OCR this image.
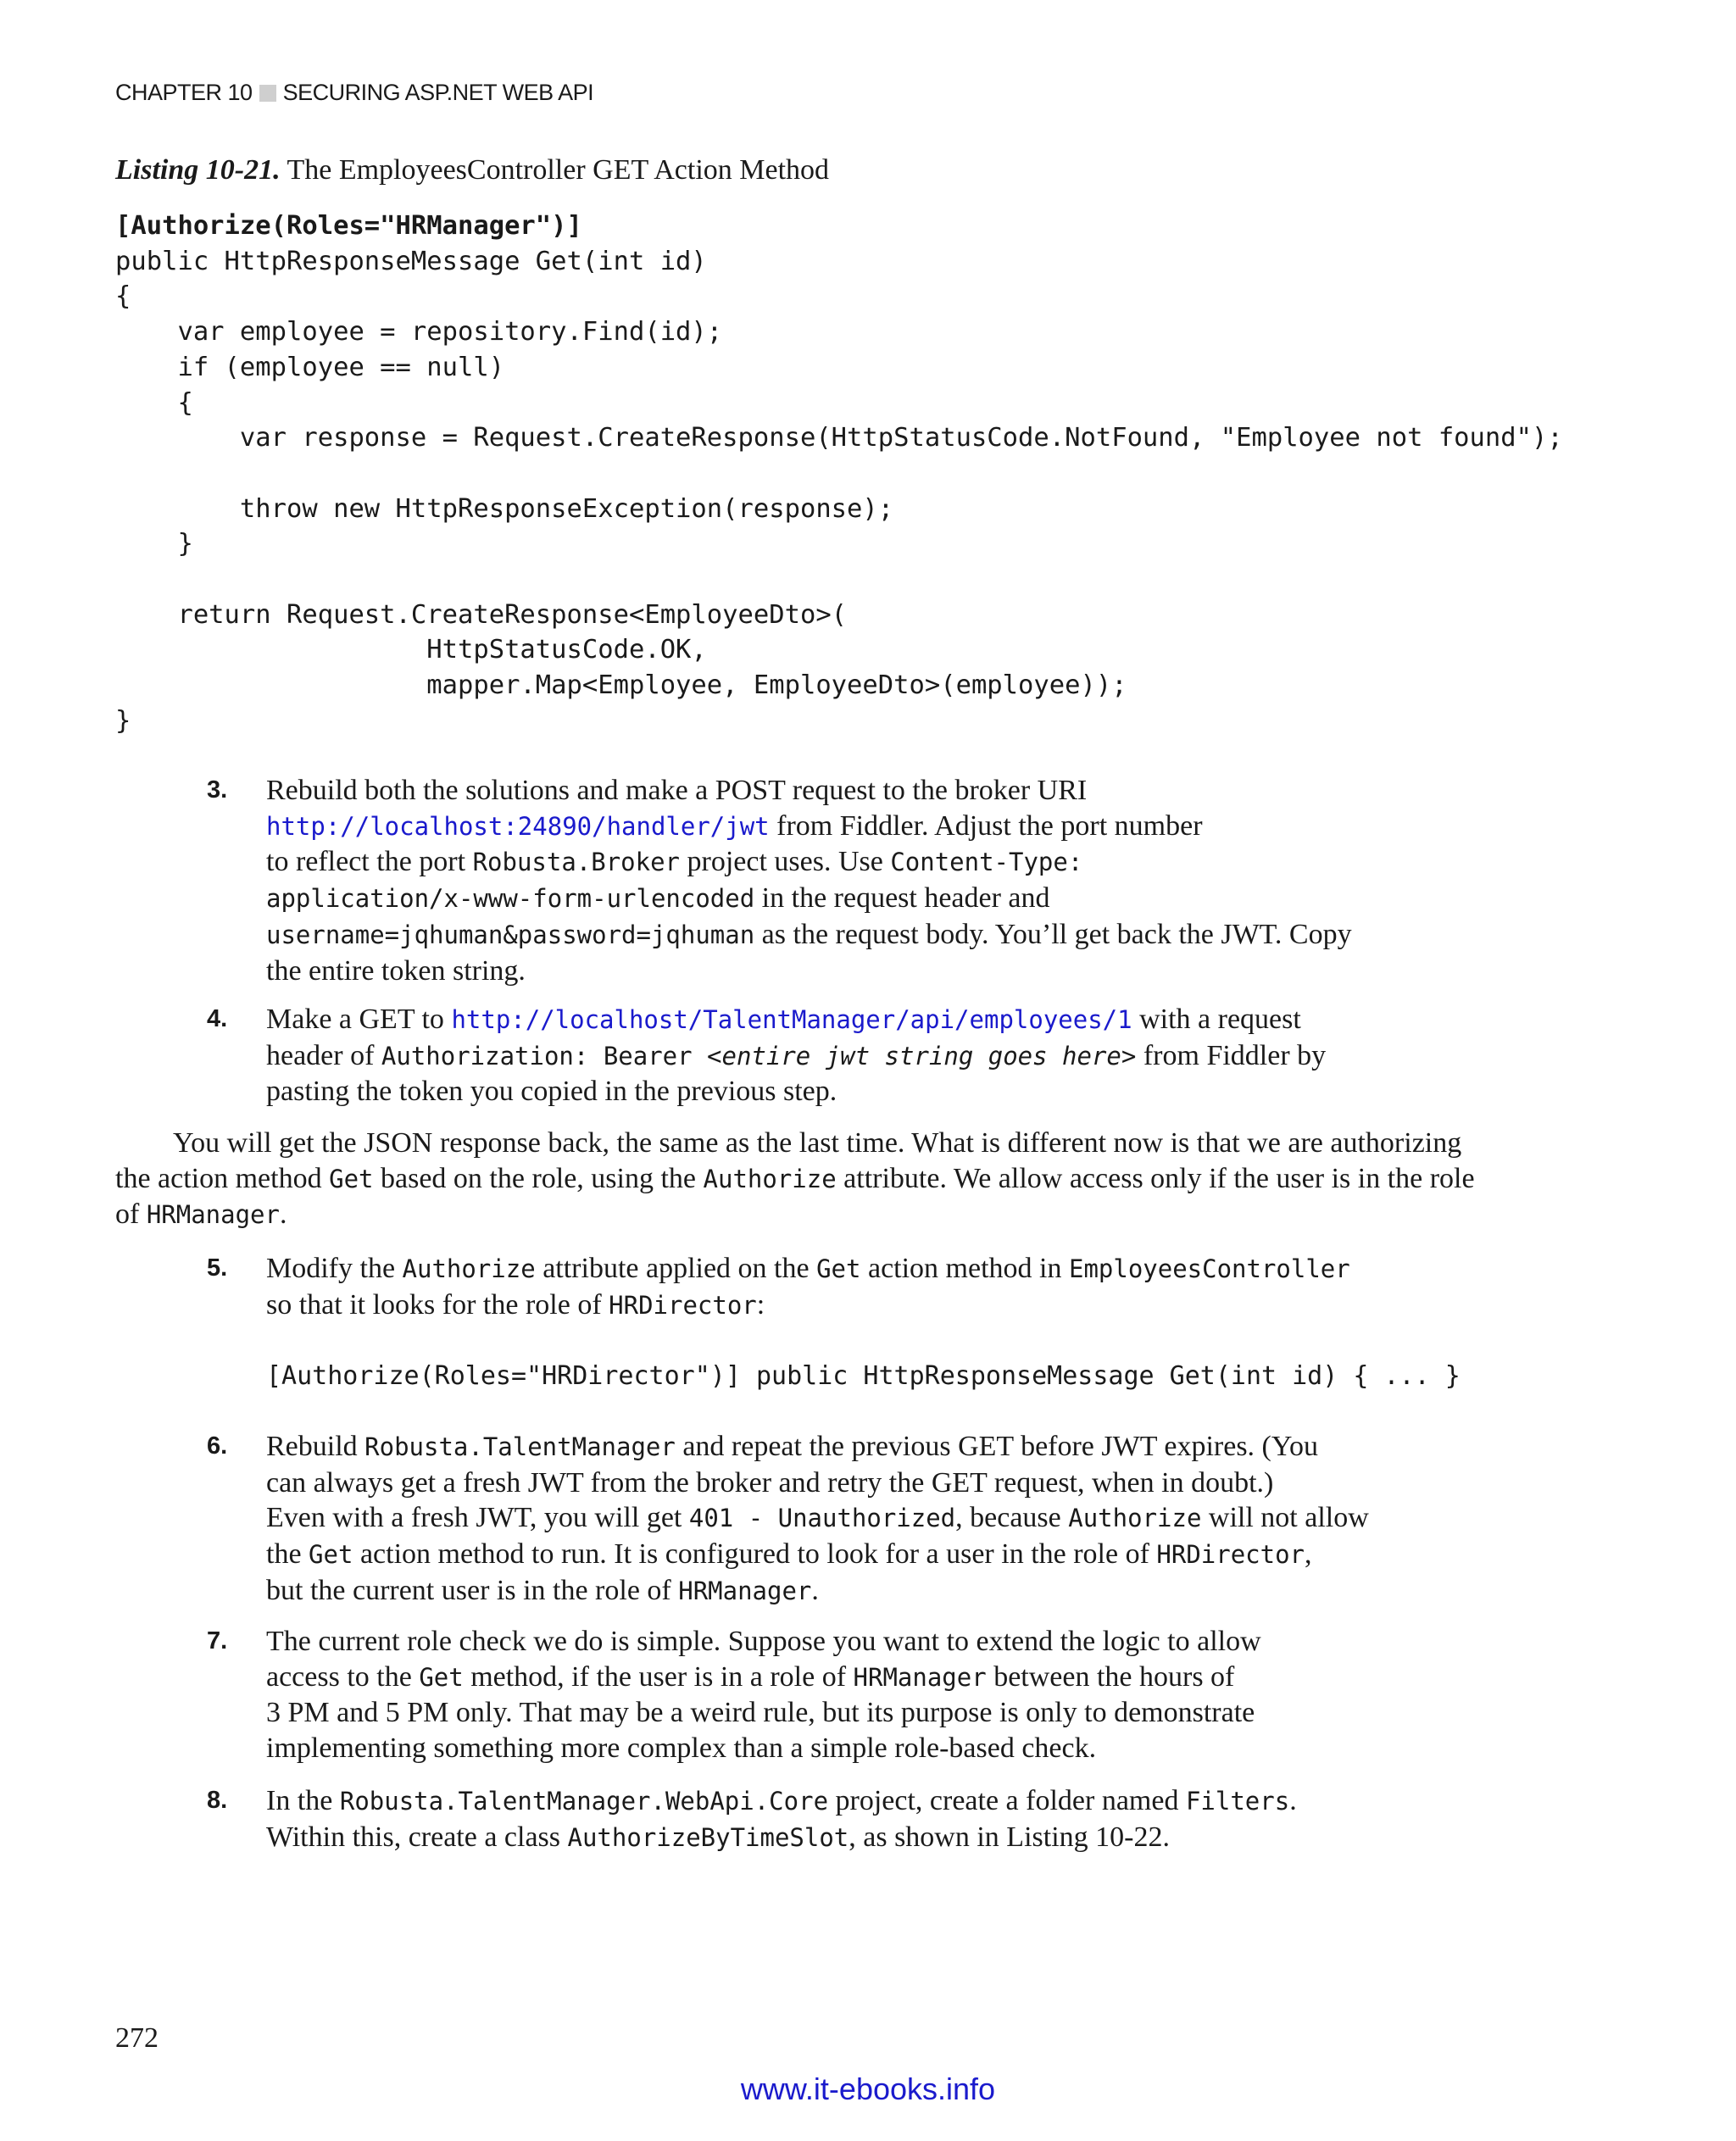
CHAPTER 10 SECURING ASP.NET WEB API
Listing 10-21. The EmployeesController GET Action Method
[Authorize(Roles="HRManager")]
public HttpResponseMessage Get(int id)
{
var employee = repository.Find(id);
if (employee == null)
{
var response = Request.CreateResponse(HttpStatusCode.NotFound, "Employee not found");

throw new HttpResponseException(response);
}

return Request.CreateResponse<EmployeeDto>(
HttpStatusCode.OK,
mapper.Map<Employee, EmployeeDto>(employee));
}
3. Rebuild both the solutions and make a POST request to the broker URI
http://localhost:24890/handler/jwt from Fiddler. Adjust the port number
to reflect the port Robusta.Broker project uses. Use Content-Type:
application/x-www-form-urlencoded in the request header and
username=jqhuman&password=jqhuman as the request body. You’ll get back the JWT. Copy
the entire token string.
4. Make a GET to http://localhost/TalentManager/api/employees/1 with a request
header of Authorization: Bearer <entire jwt string goes here> from Fiddler by
pasting the token you copied in the previous step.
You will get the JSON response back, the same as the last time. What is different now is that we are authorizing
the action method Get based on the role, using the Authorize attribute. We allow access only if the user is in the role
of HRManager.
5. Modify the Authorize attribute applied on the Get action method in EmployeesController
so that it looks for the role of HRDirector:

[Authorize(Roles="HRDirector")] public HttpResponseMessage Get(int id) { ... }
6. Rebuild Robusta.TalentManager and repeat the previous GET before JWT expires. (You
can always get a fresh JWT from the broker and retry the GET request, when in doubt.)
Even with a fresh JWT, you will get 401 - Unauthorized, because Authorize will not allow
the Get action method to run. It is configured to look for a user in the role of HRDirector,
but the current user is in the role of HRManager.
7. The current role check we do is simple. Suppose you want to extend the logic to allow
access to the Get method, if the user is in a role of HRManager between the hours of
3 PM and 5 PM only. That may be a weird rule, but its purpose is only to demonstrate
implementing something more complex than a simple role-based check.
8. In the Robusta.TalentManager.WebApi.Core project, create a folder named Filters.
Within this, create a class AuthorizeByTimeSlot, as shown in Listing 10-22.
272
www.it-ebooks.info
